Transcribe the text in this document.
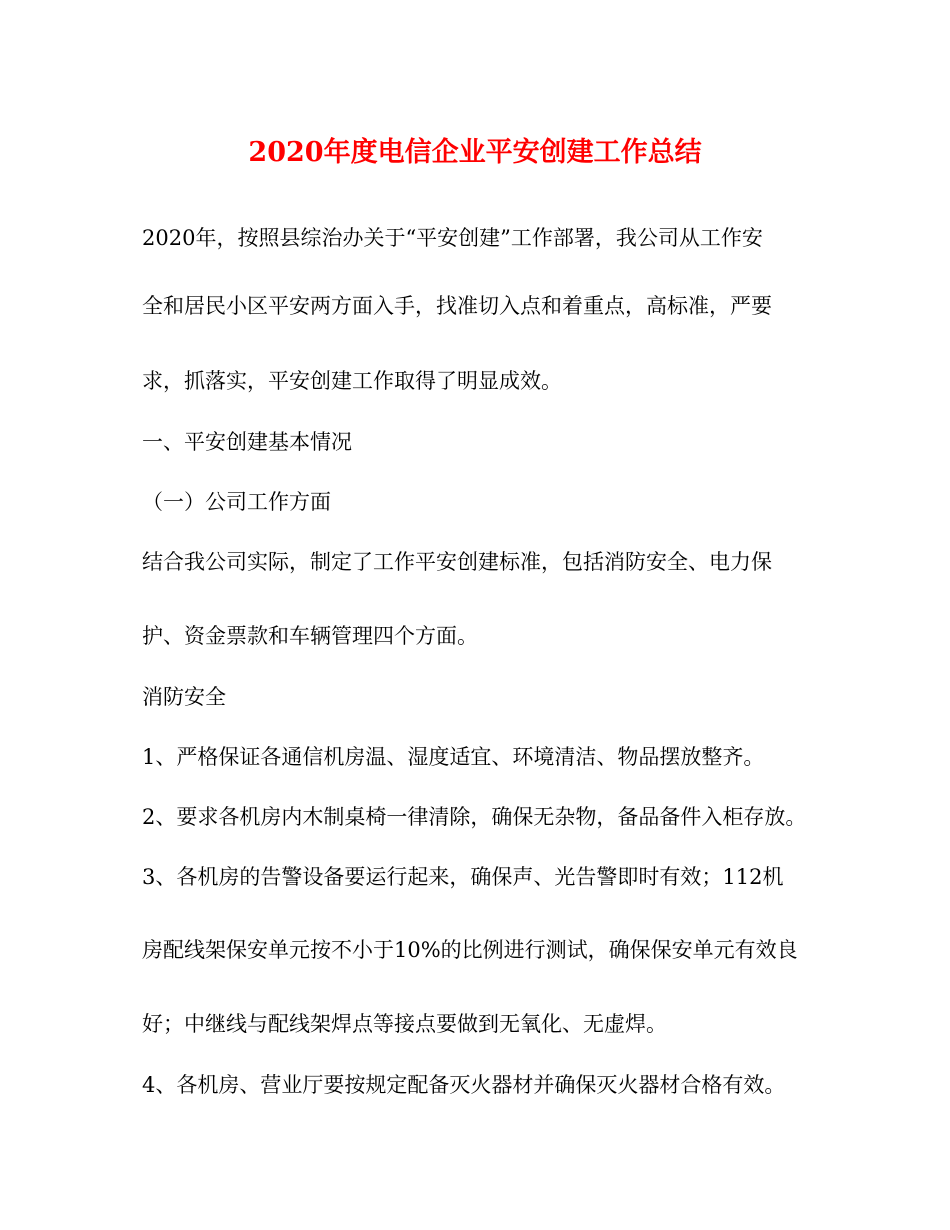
2020年度电信企业平安创建工作总结

2020年，按照县综治办关于“平安创建”工作部署，我公司从工作安

全和居民小区平安两方面入手，找准切入点和着重点，高标准，严要

求，抓落实，平安创建工作取得了明显成效。

一、平安创建基本情况

（一）公司工作方面

结合我公司实际，制定了工作平安创建标准，包括消防安全、电力保

护、资金票款和车辆管理四个方面。

消防安全

1、严格保证各通信机房温、湿度适宜、环境清洁、物品摆放整齐。

2、要求各机房内木制桌椅一律清除，确保无杂物，备品备件入柜存放。

3、各机房的告警设备要运行起来，确保声、光告警即时有效；112机

房配线架保安单元按不小于10%的比例进行测试，确保保安单元有效良

好；中继线与配线架焊点等接点要做到无氧化、无虚焊。

4、各机房、营业厅要按规定配备灭火器材并确保灭火器材合格有效。
